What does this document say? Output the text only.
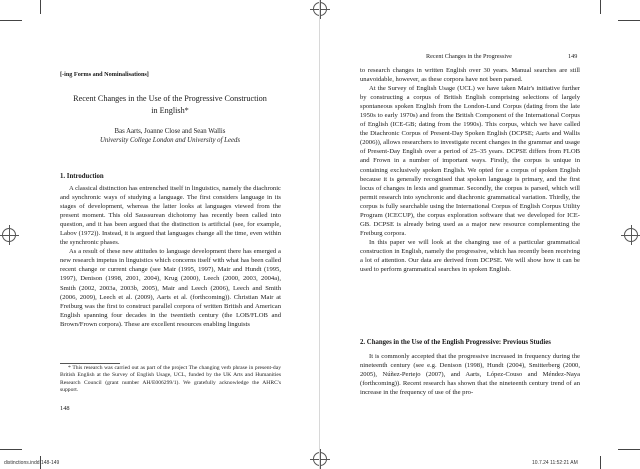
[-ing Forms and Nominalisations]
Recent Changes in the Use of the Progressive Construction
in English*
Bas Aarts, Joanne Close and Sean Wallis
University College London and University of Leeds
1. Introduction

A classical distinction has entrenched itself in linguistics, namely the diachronic and synchronic ways of studying a language. The first considers language in its stages of development, whereas the latter looks at languages viewed from the present moment. This old Saussurean dichotomy has recently been called into question, and it has been argued that the distinction is artificial (see, for example, Labov (1972)). Instead, it is argued that languages change all the time, even within the synchronic phases.

As a result of these new attitudes to language development there has emerged a new research impetus in linguistics which concerns itself with what has been called recent change or current change (see Mair (1995, 1997), Mair and Hundt (1995, 1997), Denison (1998, 2001, 2004), Krug (2000), Leech (2000, 2003, 2004a), Smith (2002, 2003a, 2003b, 2005), Mair and Leech (2006), Leech and Smith (2006, 2009), Leech et al. (2009), Aarts et al. (forthcoming)). Christian Mair at Freiburg was the first to construct parallel corpora of written British and American English spanning four decades in the twentieth century (the LOB/FLOB and Brown/Frown corpora). These are excellent resources enabling linguists

* This research was carried out as part of the project The changing verb phrase in present-day British English at the Survey of English Usage, UCL, funded by the UK Arts and Humanities Research Council (grant number AH/E006299/1). We gratefully acknowledge the AHRC's support.
148
distinctions.indd 148-149
Recent Changes in the Progressive	149

to research changes in written English over 30 years. Manual searches are still unavoidable, however, as these corpora have not been parsed.

At the Survey of English Usage (UCL) we have taken Mair's initiative further by constructing a corpus of British English comprising selections of largely spontaneous spoken English from the London-Lund Corpus (dating from the late 1950s to early 1970s) and from the British Component of the International Corpus of English (ICE-GB; dating from the 1990s). This corpus, which we have called the Diachronic Corpus of Present-Day Spoken English (DCPSE; Aarts and Wallis (2006)), allows researchers to investigate recent changes in the grammar and usage of Present-Day English over a period of 25–35 years. DCPSE differs from FLOB and Frown in a number of important ways. Firstly, the corpus is unique in containing exclusively spoken English. We opted for a corpus of spoken English because it is generally recognised that spoken language is primary, and the first locus of changes in lexis and grammar. Secondly, the corpus is parsed, which will permit research into synchronic and diachronic grammatical variation. Thirdly, the corpus is fully searchable using the International Corpus of English Corpus Utility Program (ICECUP), the corpus exploration software that we developed for ICE-GB. DCPSE is already being used as a major new resource complementing the Freiburg corpora.

In this paper we will look at the changing use of a particular grammatical construction in English, namely the progressive, which has recently been receiving a lot of attention. Our data are derived from DCPSE. We will show how it can be used to perform grammatical searches in spoken English.

2. Changes in the Use of the English Progressive: Previous Studies

It is commonly accepted that the progressive increased in frequency during the nineteenth century (see e.g. Denison (1998), Hundt (2004), Smitterberg (2000, 2005), Núñez-Pertejo (2007), and Aarts, López-Couso and Méndez-Naya (forthcoming)). Recent research has shown that the nineteenth century trend of an increase in the frequency of use of the pro-

10.7.24 11:52:21 AM
